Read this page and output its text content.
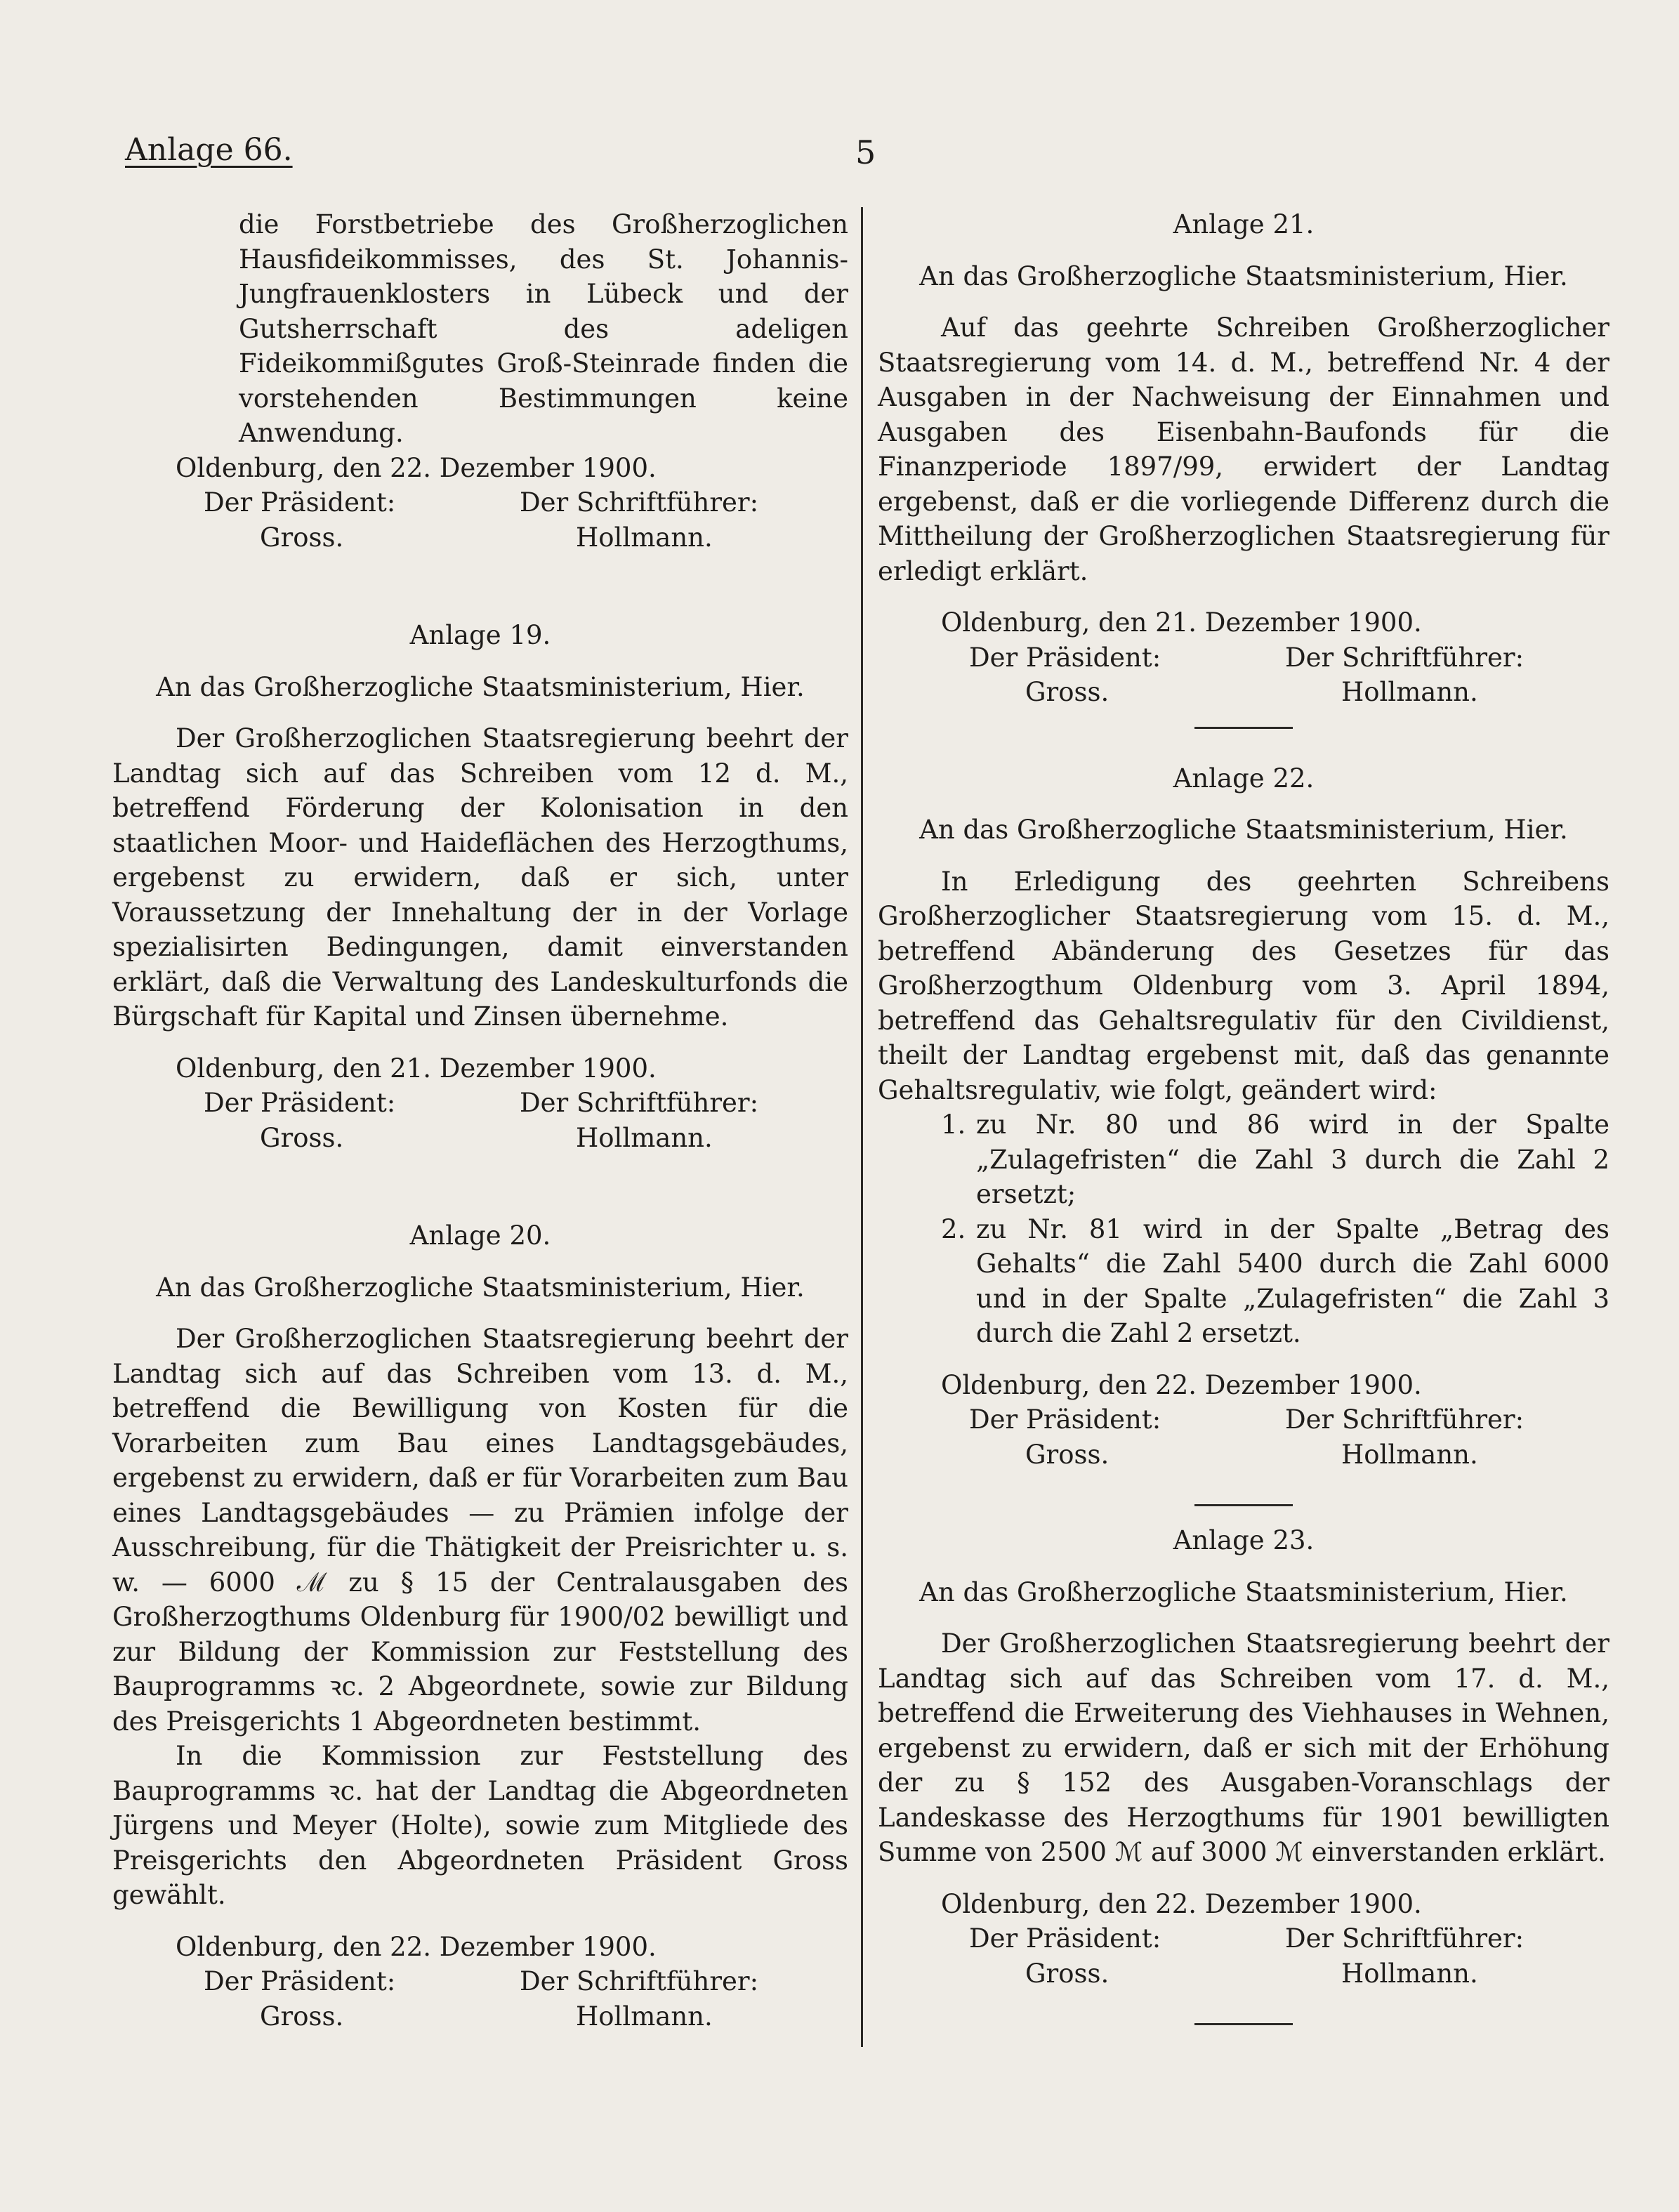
Anlage 66.	5

die Forstbetriebe des Großherzoglichen Hausfideikommisses, des St. Johannis-Jungfrauenklosters in Lübeck und der Gutsherrschaft des adeligen Fideikommißgutes Groß-Steinrade finden die vorstehenden Bestimmungen keine Anwendung.

Oldenburg, den 22. Dezember 1900.

Der Präsident:	Der Schriftführer:
Gross.	Hollmann.

Anlage 19.

An das Großherzogliche Staatsministerium, Hier.

Der Großherzoglichen Staatsregierung beehrt der Landtag sich auf das Schreiben vom 12 d. M., betreffend Förderung der Kolonisation in den staatlichen Moor- und Haideflächen des Herzogthums, ergebenst zu erwidern, daß er sich, unter Voraussetzung der Innehaltung der in der Vorlage spezialisirten Bedingungen, damit einverstanden erklärt, daß die Verwaltung des Landeskulturfonds die Bürgschaft für Kapital und Zinsen übernehme.

Oldenburg, den 21. Dezember 1900.

Der Präsident:	Der Schriftführer:
Gross.	Hollmann.

Anlage 20.

An das Großherzogliche Staatsministerium, Hier.

Der Großherzoglichen Staatsregierung beehrt der Landtag sich auf das Schreiben vom 13. d. M., betreffend die Bewilligung von Kosten für die Vorarbeiten zum Bau eines Landtagsgebäudes, ergebenst zu erwidern, daß er für Vorarbeiten zum Bau eines Landtagsgebäudes — zu Prämien infolge der Ausschreibung, für die Thätigkeit der Preisrichter u. s. w. — 6000 ℳ zu § 15 der Centralausgaben des Großherzogthums Oldenburg für 1900/02 bewilligt und zur Bildung der Kommission zur Feststellung des Bauprogramms ꝛc. 2 Abgeordnete, sowie zur Bildung des Preisgerichts 1 Abgeordneten bestimmt.

In die Kommission zur Feststellung des Bauprogramms ꝛc. hat der Landtag die Abgeordneten Jürgens und Meyer (Holte), sowie zum Mitgliede des Preisgerichts den Abgeordneten Präsident Gross gewählt.

Oldenburg, den 22. Dezember 1900.

Der Präsident:	Der Schriftführer:
Gross.	Hollmann.

Anlage 21.

An das Großherzogliche Staatsministerium, Hier.

Auf das geehrte Schreiben Großherzoglicher Staatsregierung vom 14. d. M., betreffend Nr. 4 der Ausgaben in der Nachweisung der Einnahmen und Ausgaben des Eisenbahn-Baufonds für die Finanzperiode 1897/99, erwidert der Landtag ergebenst, daß er die vorliegende Differenz durch die Mittheilung der Großherzoglichen Staatsregierung für erledigt erklärt.

Oldenburg, den 21. Dezember 1900.

Der Präsident:	Der Schriftführer:
Gross.	Hollmann.

Anlage 22.

An das Großherzogliche Staatsministerium, Hier.

In Erledigung des geehrten Schreibens Großherzoglicher Staatsregierung vom 15. d. M., betreffend Abänderung des Gesetzes für das Großherzogthum Oldenburg vom 3. April 1894, betreffend das Gehaltsregulativ für den Civildienst, theilt der Landtag ergebenst mit, daß das genannte Gehaltsregulativ, wie folgt, geändert wird:

1. zu Nr. 80 und 86 wird in der Spalte „Zulagefristen“ die Zahl 3 durch die Zahl 2 ersetzt;
2. zu Nr. 81 wird in der Spalte „Betrag des Gehalts“ die Zahl 5400 durch die Zahl 6000 und in der Spalte „Zulagefristen“ die Zahl 3 durch die Zahl 2 ersetzt.

Oldenburg, den 22. Dezember 1900.

Der Präsident:	Der Schriftführer:
Gross.	Hollmann.

Anlage 23.

An das Großherzogliche Staatsministerium, Hier.

Der Großherzoglichen Staatsregierung beehrt der Landtag sich auf das Schreiben vom 17. d. M., betreffend die Erweiterung des Viehhauses in Wehnen, ergebenst zu erwidern, daß er sich mit der Erhöhung der zu § 152 des Ausgaben-Voranschlags der Landeskasse des Herzogthums für 1901 bewilligten Summe von 2500 ℳ auf 3000 ℳ einverstanden erklärt.

Oldenburg, den 22. Dezember 1900.

Der Präsident:	Der Schriftführer:
Gross.	Hollmann.
